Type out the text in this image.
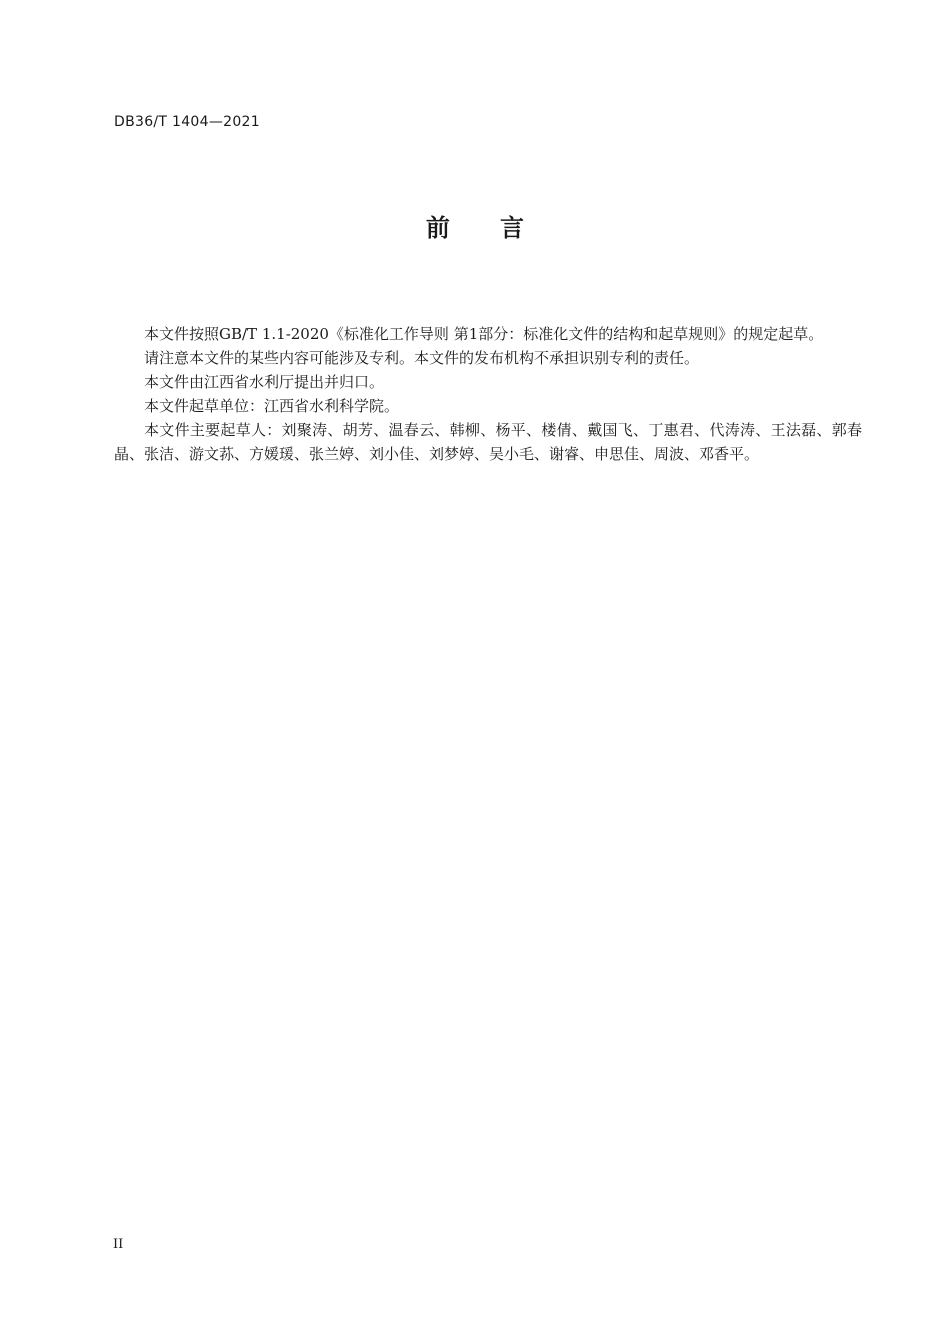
DB36/T 1404—2021
前      言

本文件按照GB/T 1.1-2020《标准化工作导则 第1部分：标准化文件的结构和起草规则》的规定起草。

请注意本文件的某些内容可能涉及专利。本文件的发布机构不承担识别专利的责任。

本文件由江西省水利厅提出并归口。

本文件起草单位：江西省水利科学院。

本文件主要起草人：刘聚涛、胡芳、温春云、韩柳、杨平、楼倩、戴国飞、丁惠君、代涛涛、王法磊、郭春晶、张洁、游文荪、方媛瑗、张兰婷、刘小佳、刘梦婷、吴小毛、谢睿、申思佳、周波、邓香平。

II
